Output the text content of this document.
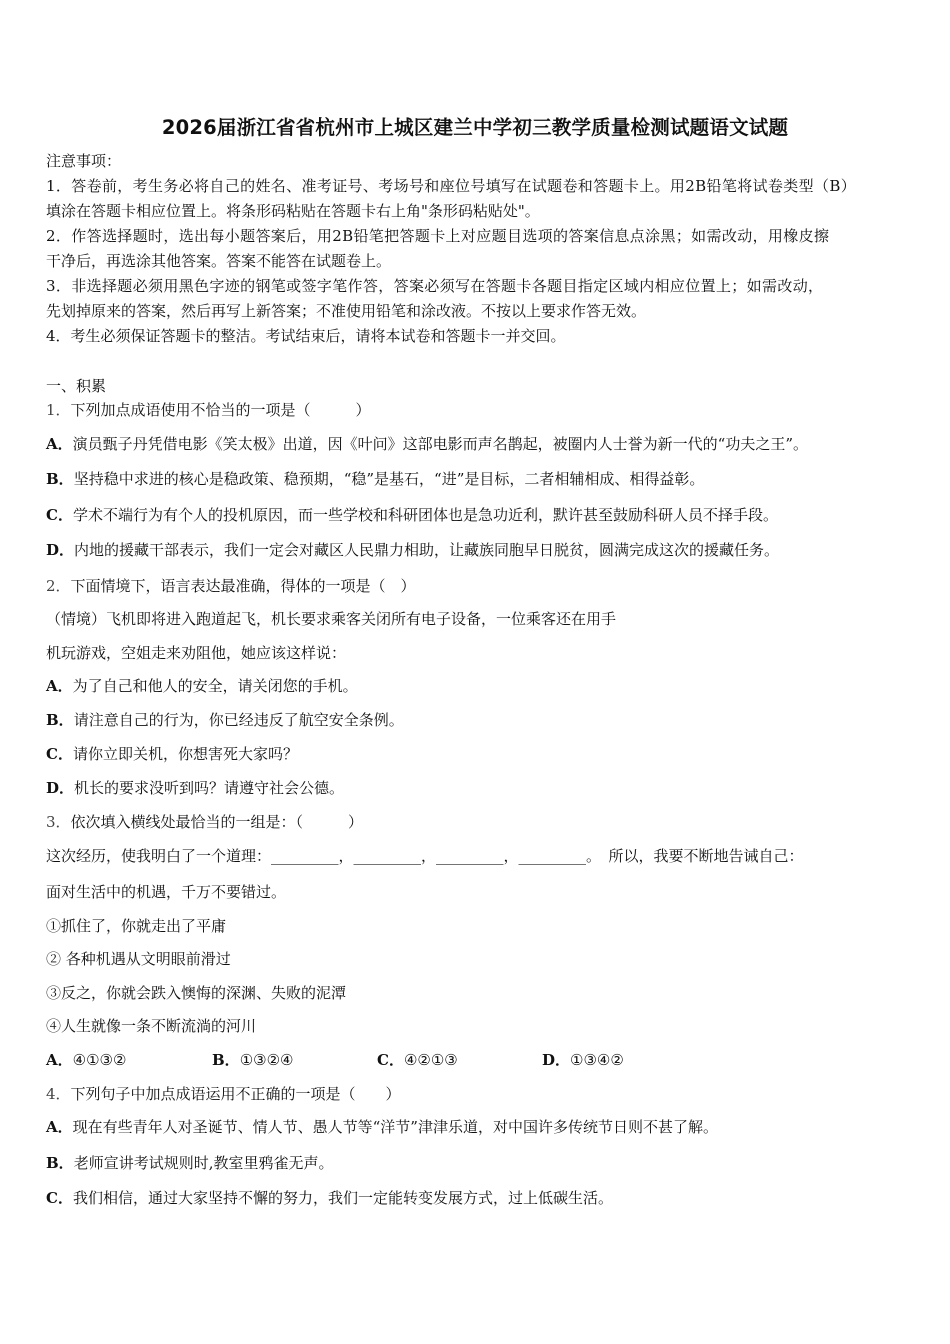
2026届浙江省省杭州市上城区建兰中学初三教学质量检测试题语文试题
注意事项：
1．答卷前，考生务必将自己的姓名、准考证号、考场号和座位号填写在试题卷和答题卡上。用2B铅笔将试卷类型（B）
填涂在答题卡相应位置上。将条形码粘贴在答题卡右上角"条形码粘贴处"。
2．作答选择题时，选出每小题答案后，用2B铅笔把答题卡上对应题目选项的答案信息点涂黑；如需改动，用橡皮擦
干净后，再选涂其他答案。答案不能答在试题卷上。
3．非选择题必须用黑色字迹的钢笔或签字笔作答，答案必须写在答题卡各题目指定区域内相应位置上；如需改动，
先划掉原来的答案，然后再写上新答案；不准使用铅笔和涂改液。不按以上要求作答无效。
4．考生必须保证答题卡的整洁。考试结束后，请将本试卷和答题卡一并交回。
一、积累
1．下列加点成语使用不恰当的一项是（　　　）
A．演员甄子丹凭借电影《笑太极》出道，因《叶问》这部电影而声名鹊起，被圈内人士誉为新一代的“功夫之王”。
B．坚持稳中求进的核心是稳政策、稳预期，“稳”是基石，“进”是目标，二者相辅相成、相得益彰。
C．学术不端行为有个人的投机原因，而一些学校和科研团体也是急功近利，默许甚至鼓励科研人员不择手段。
D．内地的援藏干部表示，我们一定会对藏区人民鼎力相助，让藏族同胞早日脱贫，圆满完成这次的援藏任务。
2．下面情境下，语言表达最准确，得体的一项是（　）
（情境）飞机即将进入跑道起飞，机长要求乘客关闭所有电子设备，一位乘客还在用手
机玩游戏，空姐走来劝阻他，她应该这样说：
A．为了自己和他人的安全，请关闭您的手机。
B．请注意自己的行为，你已经违反了航空安全条例。
C．请你立即关机，你想害死大家吗？
D．机长的要求没听到吗？请遵守社会公德。
3．依次填入横线处最恰当的一组是：（　　　）
这次经历，使我明白了一个道理：_________，_________，_________，_________。　所以，我要不断地告诫自己：
面对生活中的机遇，千万不要错过。
①抓住了，你就走出了平庸
② 各种机遇从文明眼前滑过
③反之，你就会跌入懊悔的深渊、失败的泥潭
④人生就像一条不断流淌的河川
A．④①③②	B．①③②④	C．④②①③	D．①③④②
4．下列句子中加点成语运用不正确的一项是（　　）
A．现在有些青年人对圣诞节、情人节、愚人节等“洋节”津津乐道，对中国许多传统节日则不甚了解。
B．老师宣讲考试规则时,教室里鸦雀无声。
C．我们相信，通过大家坚持不懈的努力，我们一定能转变发展方式，过上低碳生活。
